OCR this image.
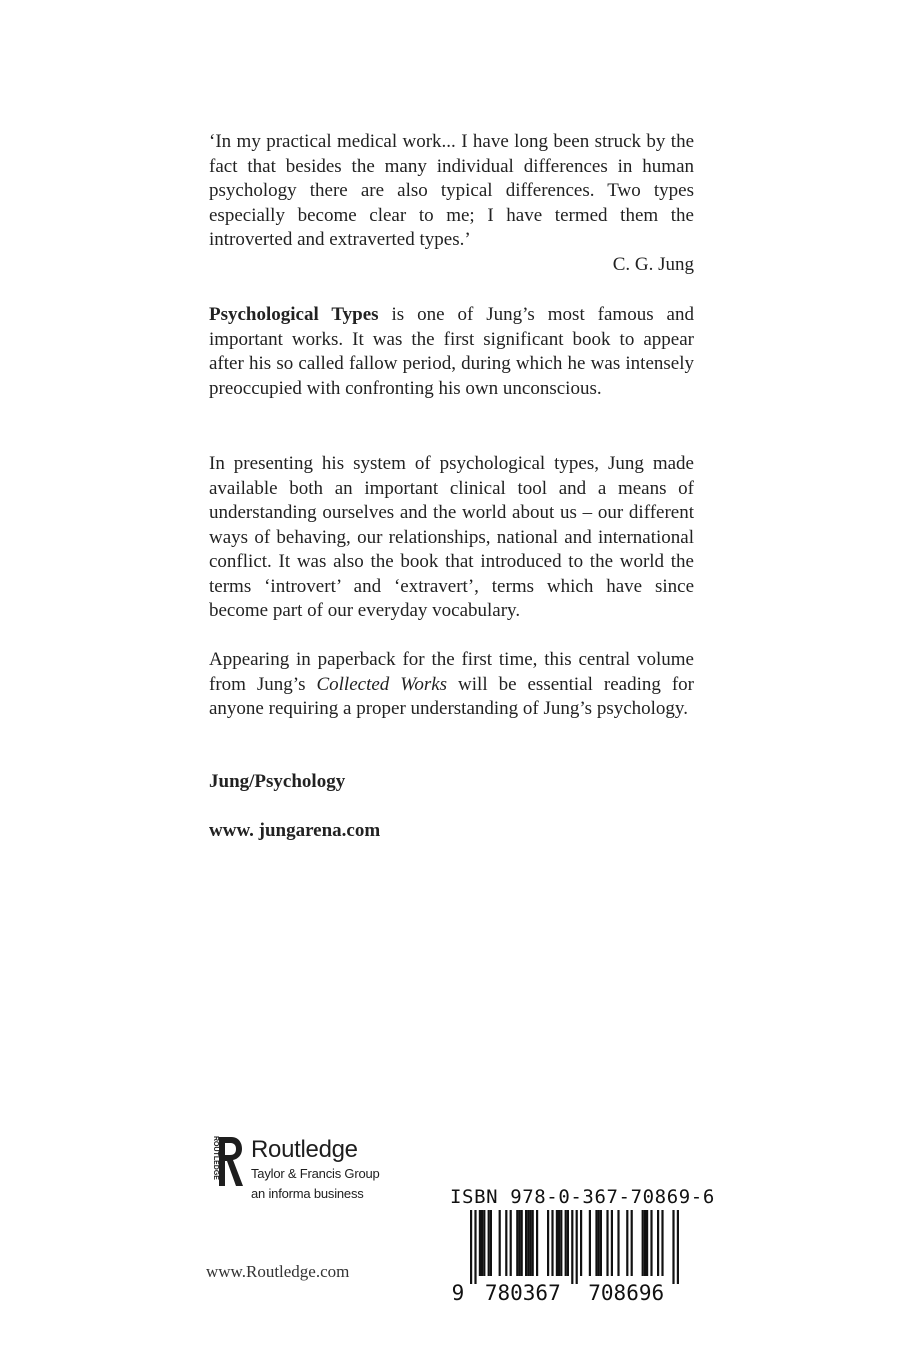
‘In my practical medical work... I have long been struck by the fact that besides the many individual differences in human psychology there are also typical differences. Two types especially become clear to me; I have termed them the introverted and extraverted types.’

C. G. Jung

Psychological Types is one of Jung’s most famous and important works. It was the first significant book to appear after his so called fallow period, during which he was intensely preoccupied with confronting his own unconscious.

In presenting his system of psychological types, Jung made available both an important clinical tool and a means of understanding ourselves and the world about us – our different ways of behaving, our relationships, national and international conflict. It was also the book that introduced to the world the terms ‘introvert’ and ‘extravert’, terms which have since become part of our everyday vocabulary.

Appearing in paperback for the first time, this central volume from Jung’s Collected Works will be essential reading for anyone requiring a proper understanding of Jung’s psychology.

Jung/Psychology
www. jungarena.com
ROUTLEDGE Routledge
Taylor & Francis Group
an informa business
www.Routledge.com
ISBN 978-0-367-70869-6
9 780367 708696
